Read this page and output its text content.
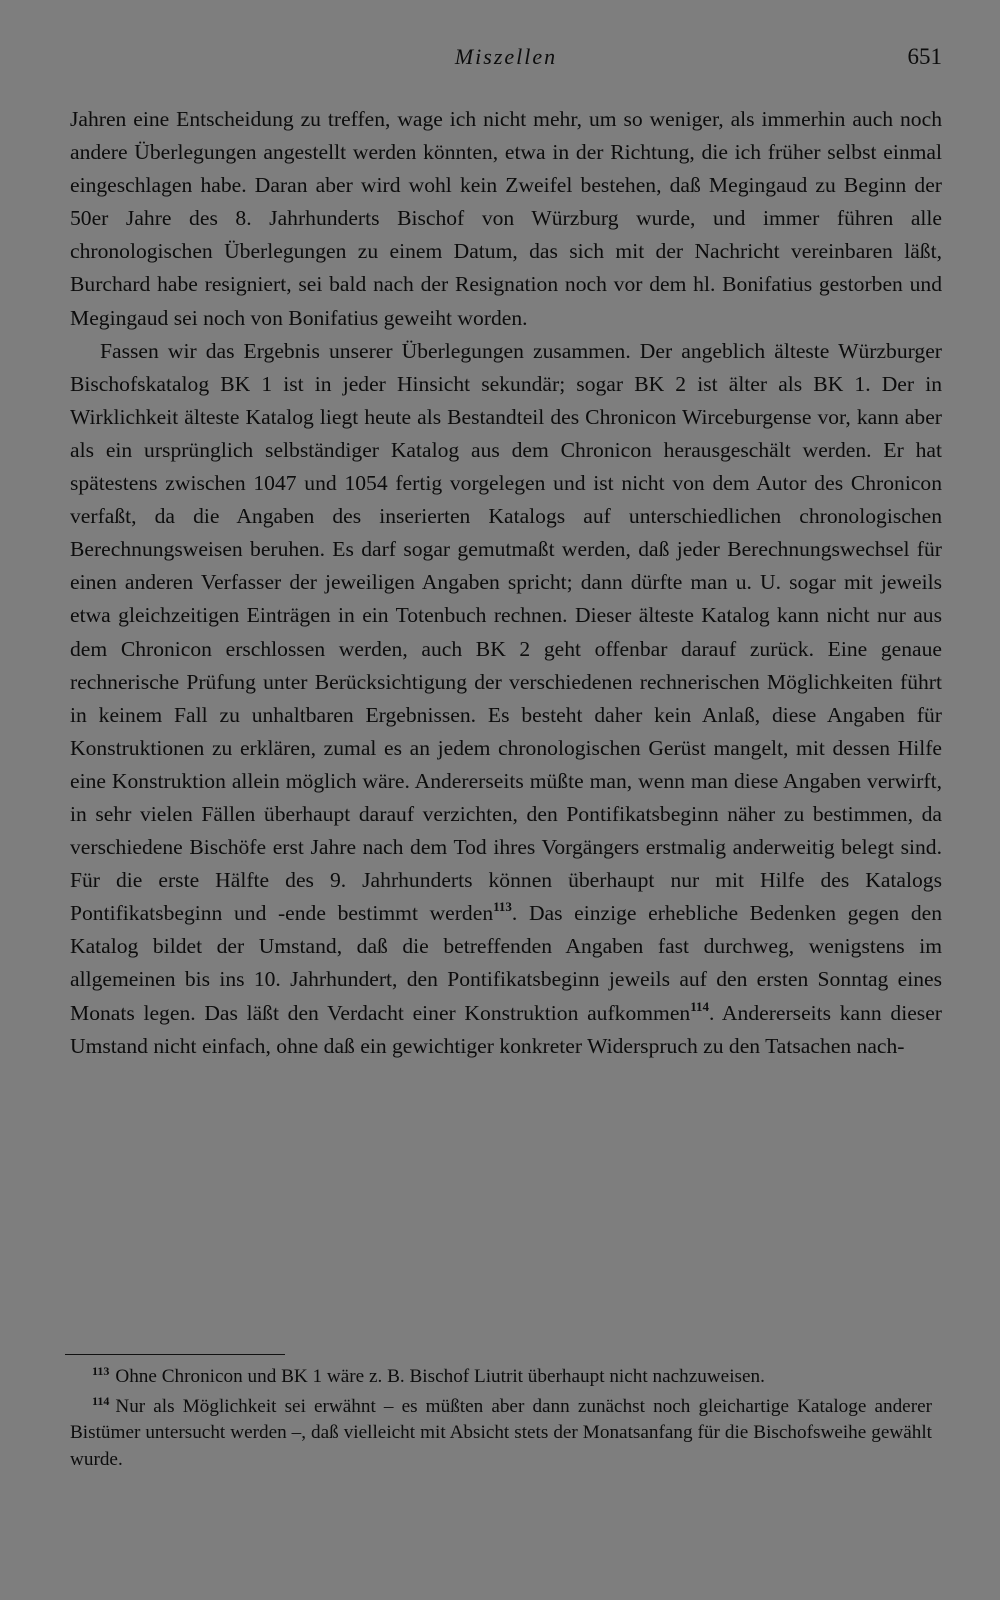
Miszellen	651

Jahren eine Entscheidung zu treffen, wage ich nicht mehr, um so weniger, als immerhin auch noch andere Überlegungen angestellt werden könnten, etwa in der Richtung, die ich früher selbst einmal eingeschlagen habe. Daran aber wird wohl kein Zweifel bestehen, daß Megingaud zu Beginn der 50er Jahre des 8. Jahrhunderts Bischof von Würzburg wurde, und immer führen alle chronologischen Überlegungen zu einem Datum, das sich mit der Nachricht vereinbaren läßt, Burchard habe resigniert, sei bald nach der Resignation noch vor dem hl. Bonifatius gestorben und Megingaud sei noch von Bonifatius geweiht worden.

Fassen wir das Ergebnis unserer Überlegungen zusammen. Der angeblich älteste Würzburger Bischofskatalog BK 1 ist in jeder Hinsicht sekundär; sogar BK 2 ist älter als BK 1. Der in Wirklichkeit älteste Katalog liegt heute als Bestandteil des Chronicon Wirceburgense vor, kann aber als ein ursprünglich selbständiger Katalog aus dem Chronicon herausgeschält werden. Er hat spätestens zwischen 1047 und 1054 fertig vorgelegen und ist nicht von dem Autor des Chronicon verfaßt, da die Angaben des inserierten Katalogs auf unterschiedlichen chronologischen Berechnungsweisen beruhen. Es darf sogar gemutmaßt werden, daß jeder Berechnungswechsel für einen anderen Verfasser der jeweiligen Angaben spricht; dann dürfte man u. U. sogar mit jeweils etwa gleichzeitigen Einträgen in ein Totenbuch rechnen. Dieser älteste Katalog kann nicht nur aus dem Chronicon erschlossen werden, auch BK 2 geht offenbar darauf zurück. Eine genaue rechnerische Prüfung unter Berücksichtigung der verschiedenen rechnerischen Möglichkeiten führt in keinem Fall zu unhaltbaren Ergebnissen. Es besteht daher kein Anlaß, diese Angaben für Konstruktionen zu erklären, zumal es an jedem chronologischen Gerüst mangelt, mit dessen Hilfe eine Konstruktion allein möglich wäre. Andererseits müßte man, wenn man diese Angaben verwirft, in sehr vielen Fällen überhaupt darauf verzichten, den Pontifikatsbeginn näher zu bestimmen, da verschiedene Bischöfe erst Jahre nach dem Tod ihres Vorgängers erstmalig anderweitig belegt sind. Für die erste Hälfte des 9. Jahrhunderts können überhaupt nur mit Hilfe des Katalogs Pontifikatsbeginn und -ende bestimmt werden$^{113}$. Das einzige erhebliche Bedenken gegen den Katalog bildet der Umstand, daß die betreffenden Angaben fast durchweg, wenigstens im allgemeinen bis ins 10. Jahrhundert, den Pontifikatsbeginn jeweils auf den ersten Sonntag eines Monats legen. Das läßt den Verdacht einer Konstruktion aufkommen$^{114}$. Andererseits kann dieser Umstand nicht einfach, ohne daß ein gewichtiger konkreter Widerspruch zu den Tatsachen nach-

$^{113}$ Ohne Chronicon und BK 1 wäre z. B. Bischof Liutrit überhaupt nicht nachzuweisen.

$^{114}$ Nur als Möglichkeit sei erwähnt – es müßten aber dann zunächst noch gleichartige Kataloge anderer Bistümer untersucht werden –, daß vielleicht mit Absicht stets der Monatsanfang für die Bischofsweihe gewählt wurde.
